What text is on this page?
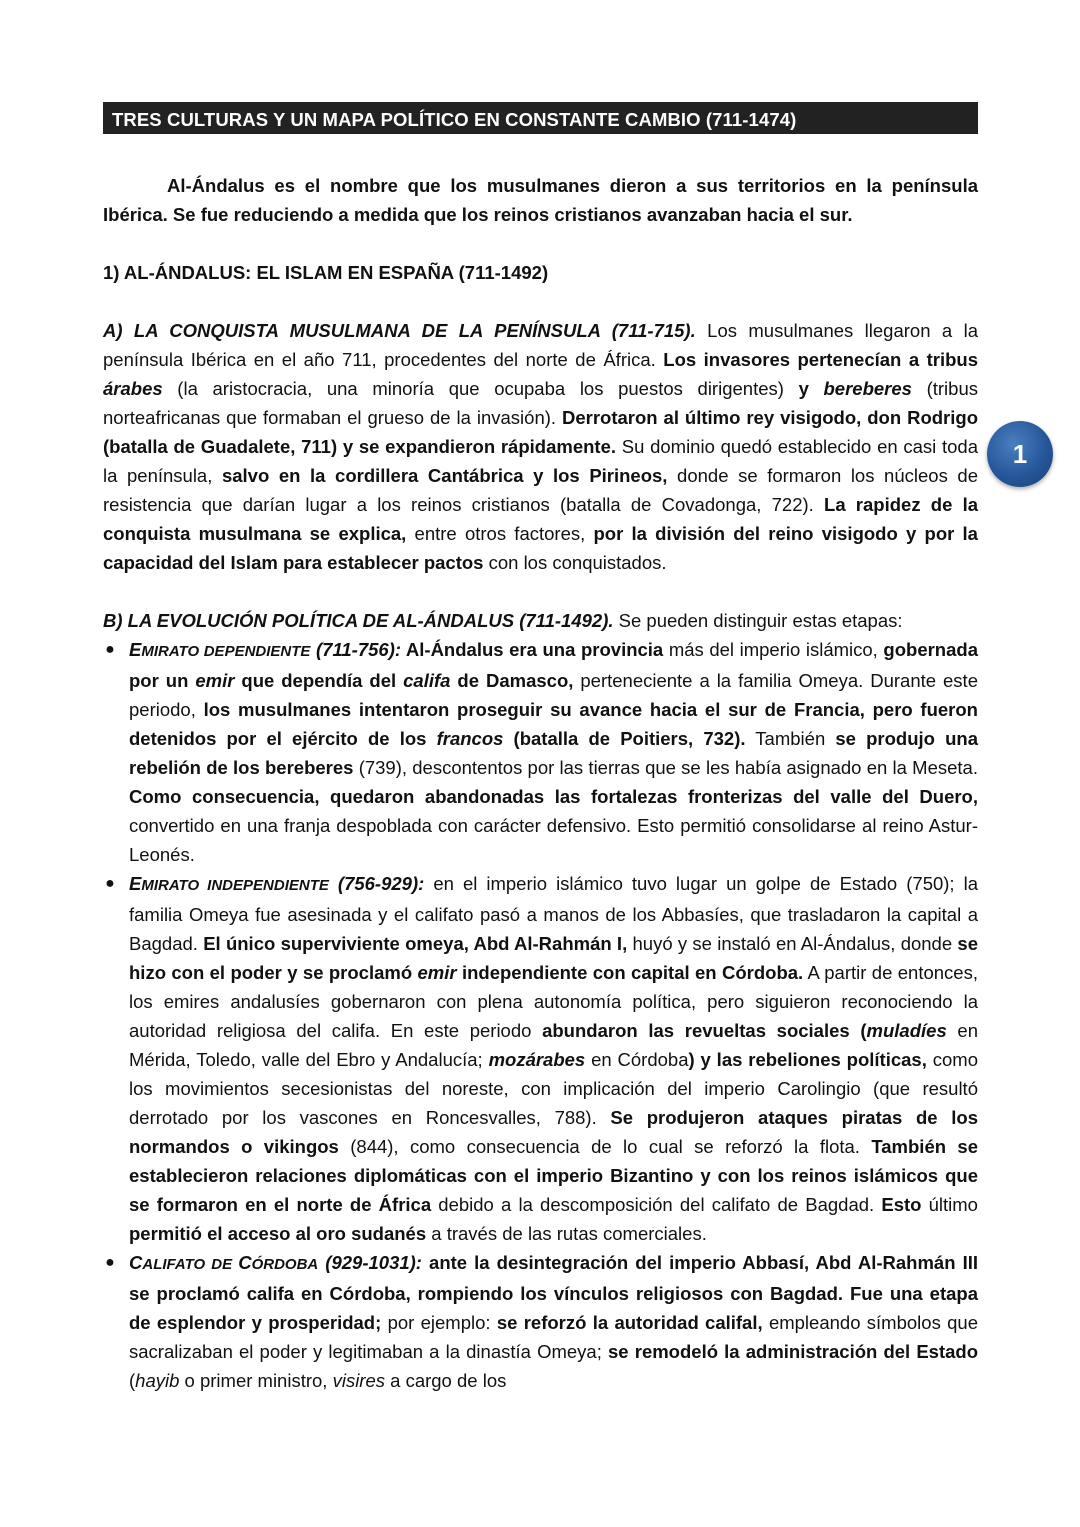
TRES CULTURAS Y UN MAPA POLÍTICO EN CONSTANTE CAMBIO (711-1474)

Al-Ándalus es el nombre que los musulmanes dieron a sus territorios en la península Ibérica. Se fue reduciendo a medida que los reinos cristianos avanzaban hacia el sur.

1) AL-ÁNDALUS: EL ISLAM EN ESPAÑA (711-1492)

A) LA CONQUISTA MUSULMANA DE LA PENÍNSULA (711-715). Los musulmanes llegaron a la península Ibérica en el año 711, procedentes del norte de África. Los invasores pertenecían a tribus árabes (la aristocracia, una minoría que ocupaba los puestos dirigentes) y bereberes (tribus norteafricanas que formaban el grueso de la invasión). Derrotaron al último rey visigodo, don Rodrigo (batalla de Guadalete, 711) y se expandieron rápidamente. Su dominio quedó establecido en casi toda la península, salvo en la cordillera Cantábrica y los Pirineos, donde se formaron los núcleos de resistencia que darían lugar a los reinos cristianos (batalla de Covadonga, 722). La rapidez de la conquista musulmana se explica, entre otros factores, por la división del reino visigodo y por la capacidad del Islam para establecer pactos con los conquistados.

B) LA EVOLUCIÓN POLÍTICA DE AL-ÁNDALUS (711-1492). Se pueden distinguir estas etapas:

● EMIRATO DEPENDIENTE (711-756): Al-Ándalus era una provincia más del imperio islámico, gobernada por un emir que dependía del califa de Damasco, perteneciente a la familia Omeya. Durante este periodo, los musulmanes intentaron proseguir su avance hacia el sur de Francia, pero fueron detenidos por el ejército de los francos (batalla de Poitiers, 732). También se produjo una rebelión de los bereberes (739), descontentos por las tierras que se les había asignado en la Meseta. Como consecuencia, quedaron abandonadas las fortalezas fronterizas del valle del Duero, convertido en una franja despoblada con carácter defensivo. Esto permitió consolidarse al reino Astur-Leonés.
● EMIRATO INDEPENDIENTE (756-929): en el imperio islámico tuvo lugar un golpe de Estado (750); la familia Omeya fue asesinada y el califato pasó a manos de los Abbasíes, que trasladaron la capital a Bagdad. El único superviviente omeya, Abd Al-Rahmán I, huyó y se instaló en Al-Ándalus, donde se hizo con el poder y se proclamó emir independiente con capital en Córdoba. A partir de entonces, los emires andalusíes gobernaron con plena autonomía política, pero siguieron reconociendo la autoridad religiosa del califa. En este periodo abundaron las revueltas sociales (muladíes en Mérida, Toledo, valle del Ebro y Andalucía; mozárabes en Córdoba) y las rebeliones políticas, como los movimientos secesionistas del noreste, con implicación del imperio Carolingio (que resultó derrotado por los vascones en Roncesvalles, 788). Se produjeron ataques piratas de los normandos o vikingos (844), como consecuencia de lo cual se reforzó la flota. También se establecieron relaciones diplomáticas con el imperio Bizantino y con los reinos islámicos que se formaron en el norte de África debido a la descomposición del califato de Bagdad. Esto último permitió el acceso al oro sudanés a través de las rutas comerciales.
● CALIFATO DE CÓRDOBA (929-1031): ante la desintegración del imperio Abbasí, Abd Al-Rahmán III se proclamó califa en Córdoba, rompiendo los vínculos religiosos con Bagdad. Fue una etapa de esplendor y prosperidad; por ejemplo: se reforzó la autoridad califal, empleando símbolos que sacralizaban el poder y legitimaban a la dinastía Omeya; se remodeló la administración del Estado (hayib o primer ministro, visires a cargo de los
1
